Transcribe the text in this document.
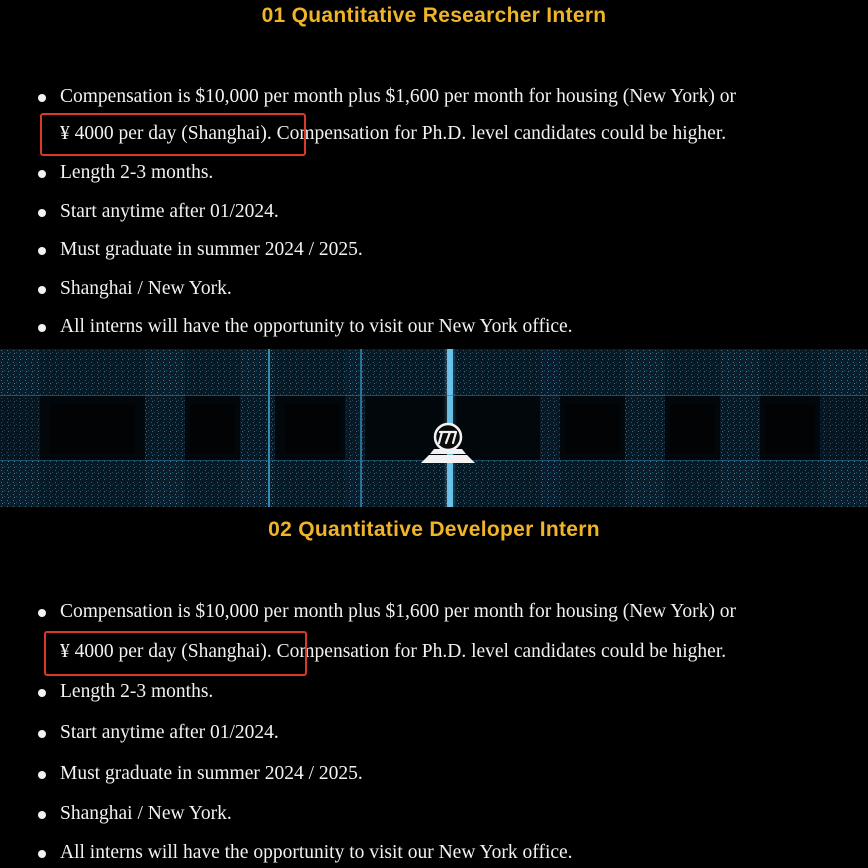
01 Quantitative Researcher Intern
Compensation is $10,000 per month plus $1,600 per month for housing (New York) or
¥ 4000 per day (Shanghai). Compensation for Ph.D. level candidates could be higher.
Length 2-3 months.
Start anytime after 01/2024.
Must graduate in summer 2024 / 2025.
Shanghai / New York.
All interns will have the opportunity to visit our New York office.
02 Quantitative Developer Intern
Compensation is $10,000 per month plus $1,600 per month for housing (New York) or
¥ 4000 per day (Shanghai). Compensation for Ph.D. level candidates could be higher.
Length 2-3 months.
Start anytime after 01/2024.
Must graduate in summer 2024 / 2025.
Shanghai / New York.
All interns will have the opportunity to visit our New York office.
